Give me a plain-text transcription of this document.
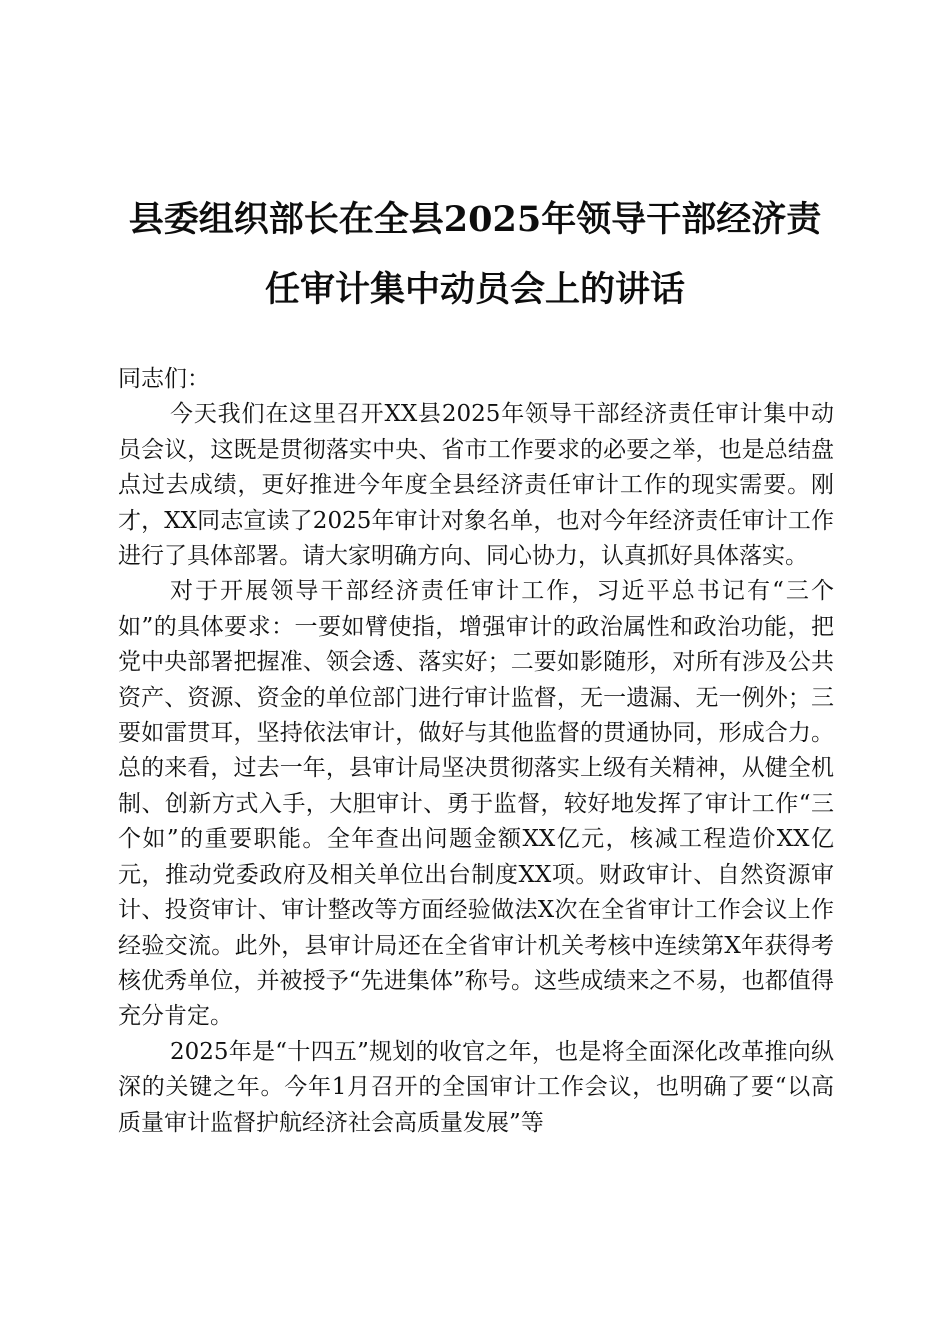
县委组织部长在全县2025年领导干部经济责
任审计集中动员会上的讲话

同志们：

今天我们在这里召开XX县2025年领导干部经济责任审计集中动员会议，这既是贯彻落实中央、省市工作要求的必要之举，也是总结盘点过去成绩，更好推进今年度全县经济责任审计工作的现实需要。刚才，XX同志宣读了2025年审计对象名单，也对今年经济责任审计工作进行了具体部署。请大家明确方向、同心协力，认真抓好具体落实。

对于开展领导干部经济责任审计工作，习近平总书记有“三个如”的具体要求：一要如臂使指，增强审计的政治属性和政治功能，把党中央部署把握准、领会透、落实好；二要如影随形，对所有涉及公共资产、资源、资金的单位部门进行审计监督，无一遗漏、无一例外；三要如雷贯耳，坚持依法审计，做好与其他监督的贯通协同，形成合力。总的来看，过去一年，县审计局坚决贯彻落实上级有关精神，从健全机制、创新方式入手，大胆审计、勇于监督，较好地发挥了审计工作“三个如”的重要职能。全年查出问题金额XX亿元，核减工程造价XX亿元，推动党委政府及相关单位出台制度XX项。财政审计、自然资源审计、投资审计、审计整改等方面经验做法X次在全省审计工作会议上作经验交流。此外，县审计局还在全省审计机关考核中连续第X年获得考核优秀单位，并被授予“先进集体”称号。这些成绩来之不易，也都值得充分肯定。

2025年是“十四五”规划的收官之年，也是将全面深化改革推向纵深的关键之年。今年1月召开的全国审计工作会议，也明确了要“以高质量审计监督护航经济社会高质量发展”等
